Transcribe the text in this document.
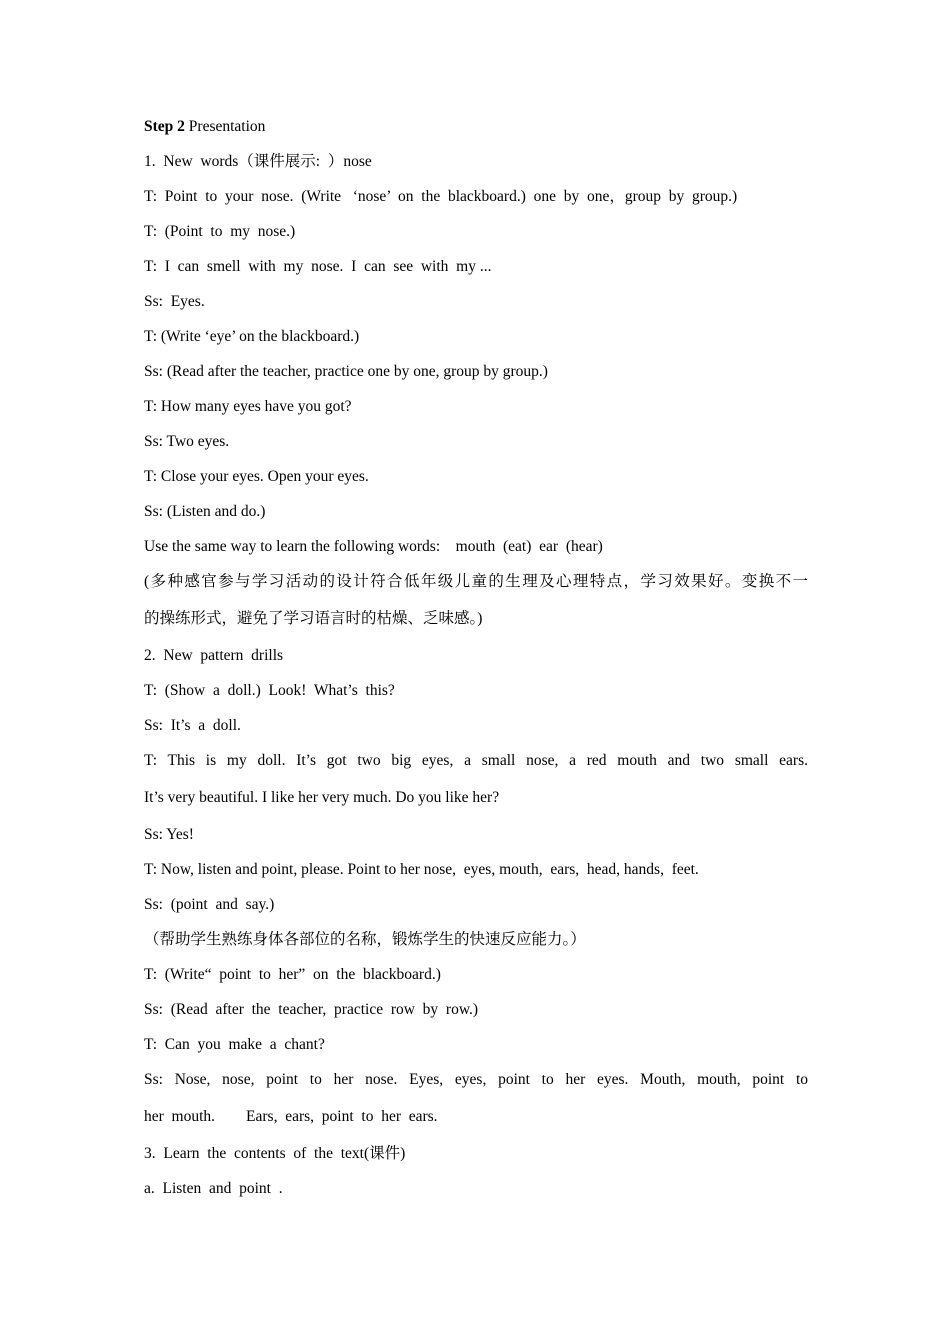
Step 2 Presentation
1.  New  words（课件展示:  ）nose
T:  Point  to  your  nose.  (Write   ‘nose’  on  the  blackboard.)  one  by  one，group  by  group.)
T:  (Point  to  my  nose.)
T:  I  can  smell  with  my  nose.  I  can  see  with  my ...
Ss:  Eyes.
T: (Write ‘eye’ on the blackboard.)
Ss: (Read after the teacher, practice one by one, group by group.)
T: How many eyes have you got?
Ss: Two eyes.
T: Close your eyes. Open your eyes.
Ss: (Listen and do.)
Use the same way to learn the following words:    mouth  (eat)  ear  (hear)
(多种感官参与学习活动的设计符合低年级儿童的生理及心理特点，学习效果好。变换不一
的操练形式，避免了学习语言时的枯燥、乏味感。)
2.  New  pattern  drills
T:  (Show  a  doll.)  Look!  What’s  this?
Ss:  It’s  a  doll.
T: This is my doll. It’s got two big eyes, a small nose, a red mouth and two small ears.
It’s very beautiful. I like her very much. Do you like her?
Ss: Yes!
T: Now, listen and point, please. Point to her nose,  eyes, mouth,  ears,  head, hands,  feet.
Ss:  (point  and  say.)
（帮助学生熟练身体各部位的名称，锻炼学生的快速反应能力。）
T:  (Write“  point  to  her”  on  the  blackboard.)
Ss:  (Read  after  the  teacher,  practice  row  by  row.)
T:  Can  you  make  a  chant?
Ss: Nose, nose, point to her nose. Eyes, eyes, point to her eyes. Mouth, mouth, point to
her  mouth.        Ears,  ears,  point  to  her  ears.
3.  Learn  the  contents  of  the  text(课件)
a.  Listen  and  point  .
